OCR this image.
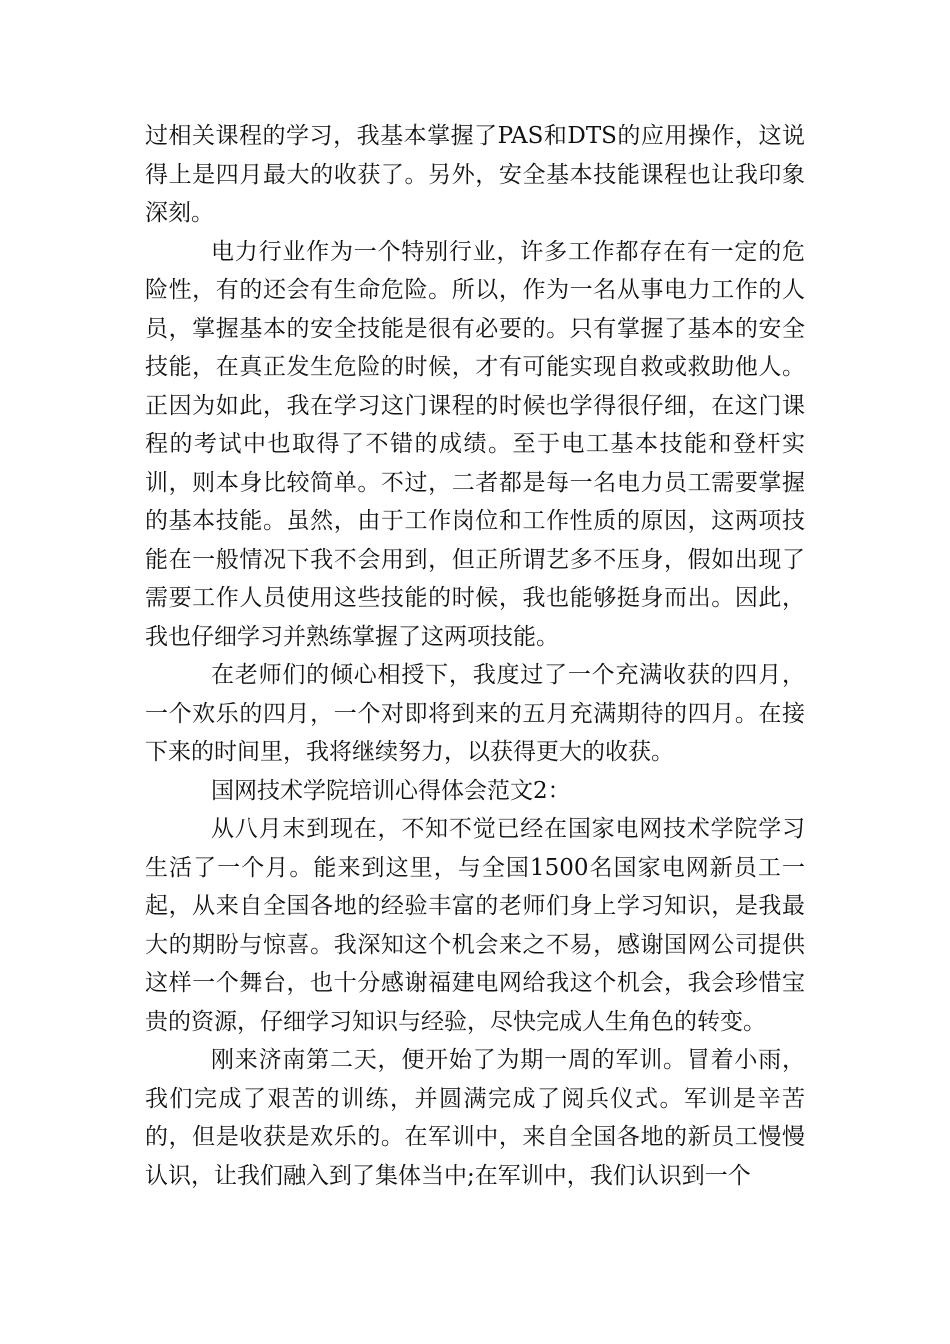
过相关课程的学习，我基本掌握了PAS和DTS的应用操作，这说得上是四月最大的收获了。另外，安全基本技能课程也让我印象深刻。

电力行业作为一个特别行业，许多工作都存在有一定的危险性，有的还会有生命危险。所以，作为一名从事电力工作的人员，掌握基本的安全技能是很有必要的。只有掌握了基本的安全技能，在真正发生危险的时候，才有可能实现自救或救助他人。正因为如此，我在学习这门课程的时候也学得很仔细，在这门课程的考试中也取得了不错的成绩。至于电工基本技能和登杆实训，则本身比较简单。不过，二者都是每一名电力员工需要掌握的基本技能。虽然，由于工作岗位和工作性质的原因，这两项技能在一般情况下我不会用到，但正所谓艺多不压身，假如出现了需要工作人员使用这些技能的时候，我也能够挺身而出。因此，我也仔细学习并熟练掌握了这两项技能。

在老师们的倾心相授下，我度过了一个充满收获的四月，一个欢乐的四月，一个对即将到来的五月充满期待的四月。在接下来的时间里，我将继续努力，以获得更大的收获。

国网技术学院培训心得体会范文2：

从八月末到现在，不知不觉已经在国家电网技术学院学习生活了一个月。能来到这里，与全国1500名国家电网新员工一起，从来自全国各地的经验丰富的老师们身上学习知识，是我最大的期盼与惊喜。我深知这个机会来之不易，感谢国网公司提供这样一个舞台，也十分感谢福建电网给我这个机会，我会珍惜宝贵的资源，仔细学习知识与经验，尽快完成人生角色的转变。

刚来济南第二天，便开始了为期一周的军训。冒着小雨，我们完成了艰苦的训练，并圆满完成了阅兵仪式。军训是辛苦的，但是收获是欢乐的。在军训中，来自全国各地的新员工慢慢认识，让我们融入到了集体当中;在军训中，我们认识到一个
